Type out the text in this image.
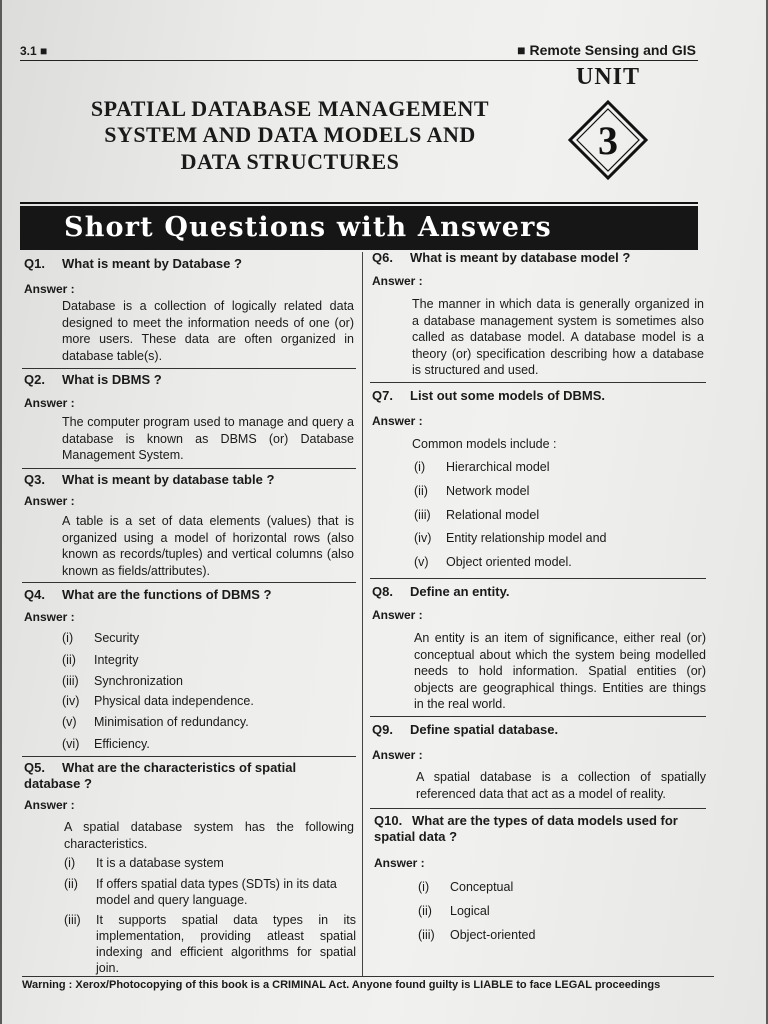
3.1 ■	■ Remote Sensing and GIS
UNIT
3
SPATIAL DATABASE MANAGEMENT
SYSTEM AND DATA MODELS AND
DATA STRUCTURES
Short Questions with Answers
Q1. What is meant by Database ?
Answer :
Database is a collection of logically related data designed to meet the information needs of one (or) more users. These data are often organized in database table(s).
Q2. What is DBMS ?
Answer :
The computer program used to manage and query a database is known as DBMS (or) Database Management System.
Q3. What is meant by database table ?
Answer :
A table is a set of data elements (values) that is organized using a model of horizontal rows (also known as records/tuples) and vertical columns (also known as fields/attributes).
Q4. What are the functions of DBMS ?
Answer :
(i) Security
(ii) Integrity
(iii) Synchronization
(iv) Physical data independence.
(v) Minimisation of redundancy.
(vi) Efficiency.
Q5. What are the characteristics of spatial database ?
Answer :
A spatial database system has the following characteristics.
(i) It is a database system
(ii)	If offers spatial data types (SDTs) in its data model and query language.
(iii)	It supports spatial data types in its implementation, providing atleast spatial indexing and efficient algorithms for spatial join.
Q6. What is meant by database model ?
Answer :
The manner in which data is generally organized in a database management system is sometimes also called as database model. A database model is a theory (or) specification describing how a database is structured and used.
Q7. List out some models of DBMS.
Answer :
Common models include :
(i) Hierarchical model
(ii) Network model
(iii) Relational model
(iv) Entity relationship model and
(v) Object oriented model.
Q8. Define an entity.
Answer :
An entity is an item of significance, either real (or) conceptual about which the system being modelled needs to hold information. Spatial entities (or) objects are geographical things. Entities are things in the real world.
Q9. Define spatial database.
Answer :
A spatial database is a collection of spatially referenced data that act as a model of reality.
Q10. What are the types of data models used for spatial data ?
Answer :
(i) Conceptual
(ii) Logical
(iii) Object-oriented
Warning : Xerox/Photocopying of this book is a CRIMINAL Act. Anyone found guilty is LIABLE to face LEGAL proceedings
